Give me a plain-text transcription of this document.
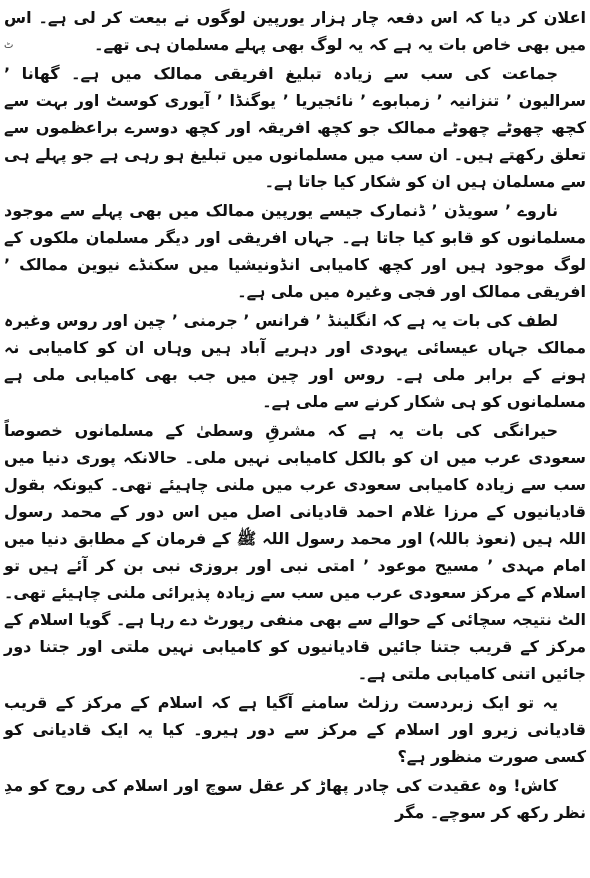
ٹ

اعلان کر دیا کہ اس دفعہ چار ہزار یورپین لوگوں نے بیعت کر لی ہے۔ اس میں بھی خاص بات یہ ہے کہ یہ لوگ بھی پہلے مسلمان ہی تھے۔

جماعت کی سب سے زیادہ تبلیغ افریقی ممالک میں ہے۔ گھانا ٬ سرالیون ٬ تنزانیہ ٬ زمبابوے ٬ نائجیریا ٬ یوگنڈا ٬ آیوری کوسٹ اور بہت سے کچھ چھوٹے چھوٹے ممالک جو کچھ افریقہ اور کچھ دوسرے براعظموں سے تعلق رکھتے ہیں۔ ان سب میں مسلمانوں میں تبلیغ ہو رہی ہے جو پہلے ہی سے مسلمان ہیں ان کو شکار کیا جاتا ہے۔

ناروے ٬ سویڈن ٬ ڈنمارک جیسے یورپین ممالک میں بھی پہلے سے موجود مسلمانوں کو قابو کیا جاتا ہے۔ جہاں افریقی اور دیگر مسلمان ملکوں کے لوگ موجود ہیں اور کچھ کامیابی انڈونیشیا میں سکنڈے نیوین ممالک ٬ افریقی ممالک اور فجی وغیرہ میں ملی ہے۔

لطف کی بات یہ ہے کہ انگلینڈ ٬ فرانس ٬ جرمنی ٬ چین اور روس وغیرہ ممالک جہاں عیسائی یہودی اور دہریے آباد ہیں وہاں ان کو کامیابی نہ ہونے کے برابر ملی ہے۔ روس اور چین میں جب بھی کامیابی ملی ہے مسلمانوں کو ہی شکار کرنے سے ملی ہے۔

حیرانگی کی بات یہ ہے کہ مشرقِ وسطیٰ کے مسلمانوں خصوصاً سعودی عرب میں ان کو بالکل کامیابی نہیں ملی۔ حالانکہ پوری دنیا میں سب سے زیادہ کامیابی سعودی عرب میں ملنی چاہیئے تھی۔ کیونکہ بقول قادیانیوں کے مرزا غلام احمد قادیانی اصل میں اس دور کے محمد رسول اللہ ہیں (نعوذ باللہ) اور محمد رسول اللہ ﷺ کے فرمان کے مطابق دنیا میں امام مہدی ٬ مسیح موعود ٬ امتی نبی اور بروزی نبی بن کر آئے ہیں تو اسلام کے مرکز سعودی عرب میں سب سے زیادہ پذیرائی ملنی چاہیئے تھی۔ الٹ نتیجہ سچائی کے حوالے سے بھی منفی رپورٹ دے رہا ہے۔ گویا اسلام کے مرکز کے قریب جتنا جائیں قادیانیوں کو کامیابی نہیں ملتی اور جتنا دور جائیں اتنی کامیابی ملتی ہے۔

یہ تو ایک زبردست رزلٹ سامنے آگیا ہے کہ اسلام کے مرکز کے قریب قادیانی زیرو اور اسلام کے مرکز سے دور ہیرو۔ کیا یہ ایک قادیانی کو کسی صورت منظور ہے؟

کاش! وہ عقیدت کی چادر پھاڑ کر عقل سوچ اور اسلام کی روح کو مدِ نظر رکھ کر سوچے۔ مگر
